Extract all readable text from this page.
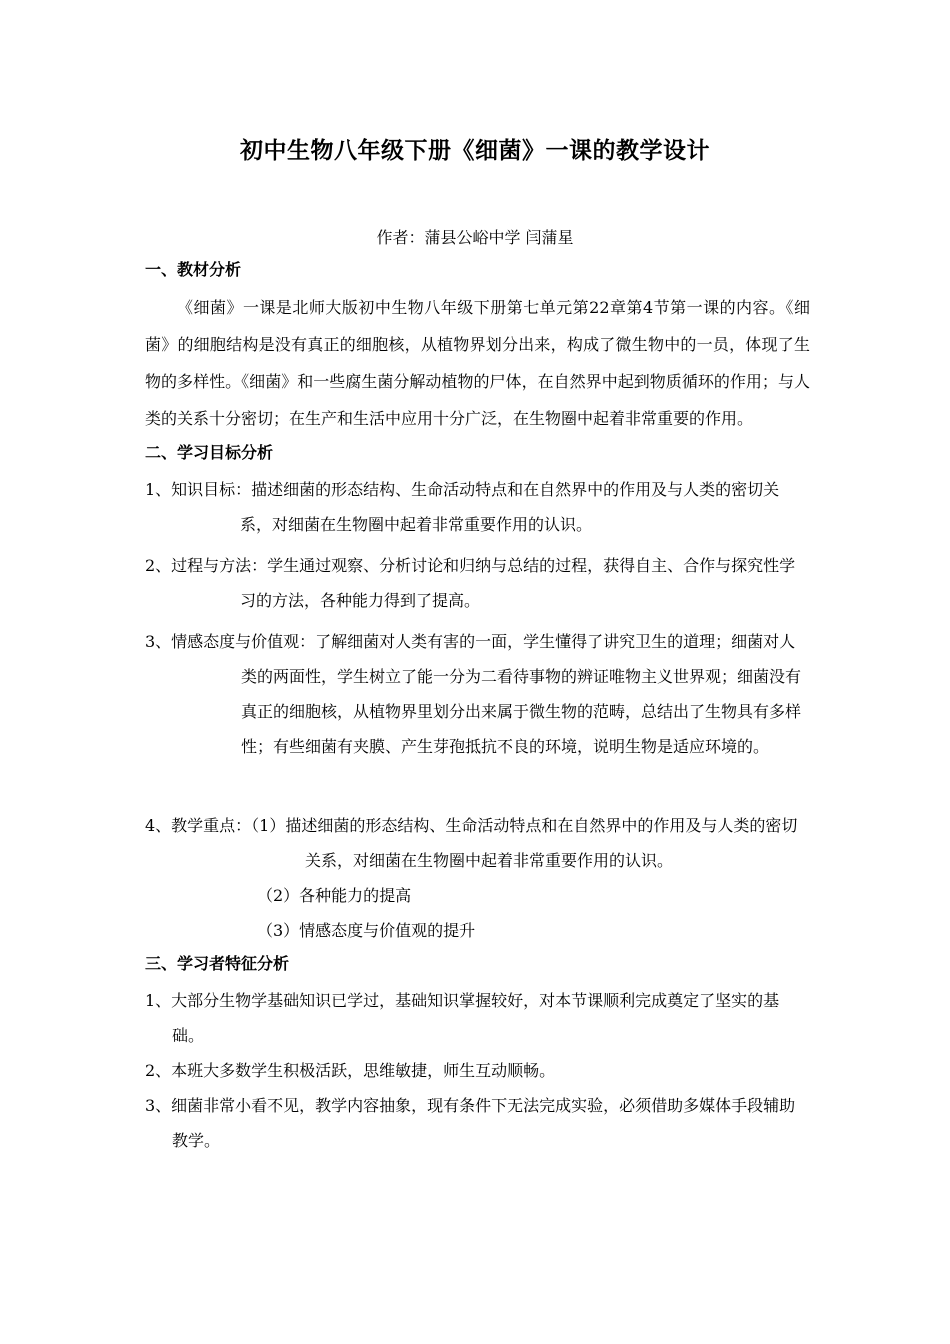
初中生物八年级下册《细菌》一课的教学设计

作者：蒲县公峪中学 闫蒲星

一、教材分析

《细菌》一课是北师大版初中生物八年级下册第七单元第22章第4节第一课的内容。《细菌》的细胞结构是没有真正的细胞核，从植物界划分出来，构成了微生物中的一员，体现了生物的多样性。《细菌》和一些腐生菌分解动植物的尸体，在自然界中起到物质循环的作用；与人类的关系十分密切；在生产和生活中应用十分广泛，在生物圈中起着非常重要的作用。

二、学习目标分析
1、知识目标：描述细菌的形态结构、生命活动特点和在自然界中的作用及与人类的密切关系，对细菌在生物圈中起着非常重要作用的认识。
2、过程与方法：学生通过观察、分析讨论和归纳与总结的过程，获得自主、合作与探究性学习的方法，各种能力得到了提高。
3、情感态度与价值观：了解细菌对人类有害的一面，学生懂得了讲究卫生的道理；细菌对人类的两面性，学生树立了能一分为二看待事物的辨证唯物主义世界观；细菌没有真正的细胞核，从植物界里划分出来属于微生物的范畴，总结出了生物具有多样性；有些细菌有夹膜、产生芽孢抵抗不良的环境，说明生物是适应环境的。
4、教学重点：（1）描述细菌的形态结构、生命活动特点和在自然界中的作用及与人类的密切关系，对细菌在生物圈中起着非常重要作用的认识。
（2）各种能力的提高
（3）情感态度与价值观的提升
三、学习者特征分析
1、大部分生物学基础知识已学过，基础知识掌握较好，对本节课顺利完成奠定了坚实的基础。
2、本班大多数学生积极活跃，思维敏捷，师生互动顺畅。
3、细菌非常小看不见，教学内容抽象，现有条件下无法完成实验，必须借助多媒体手段辅助教学。
